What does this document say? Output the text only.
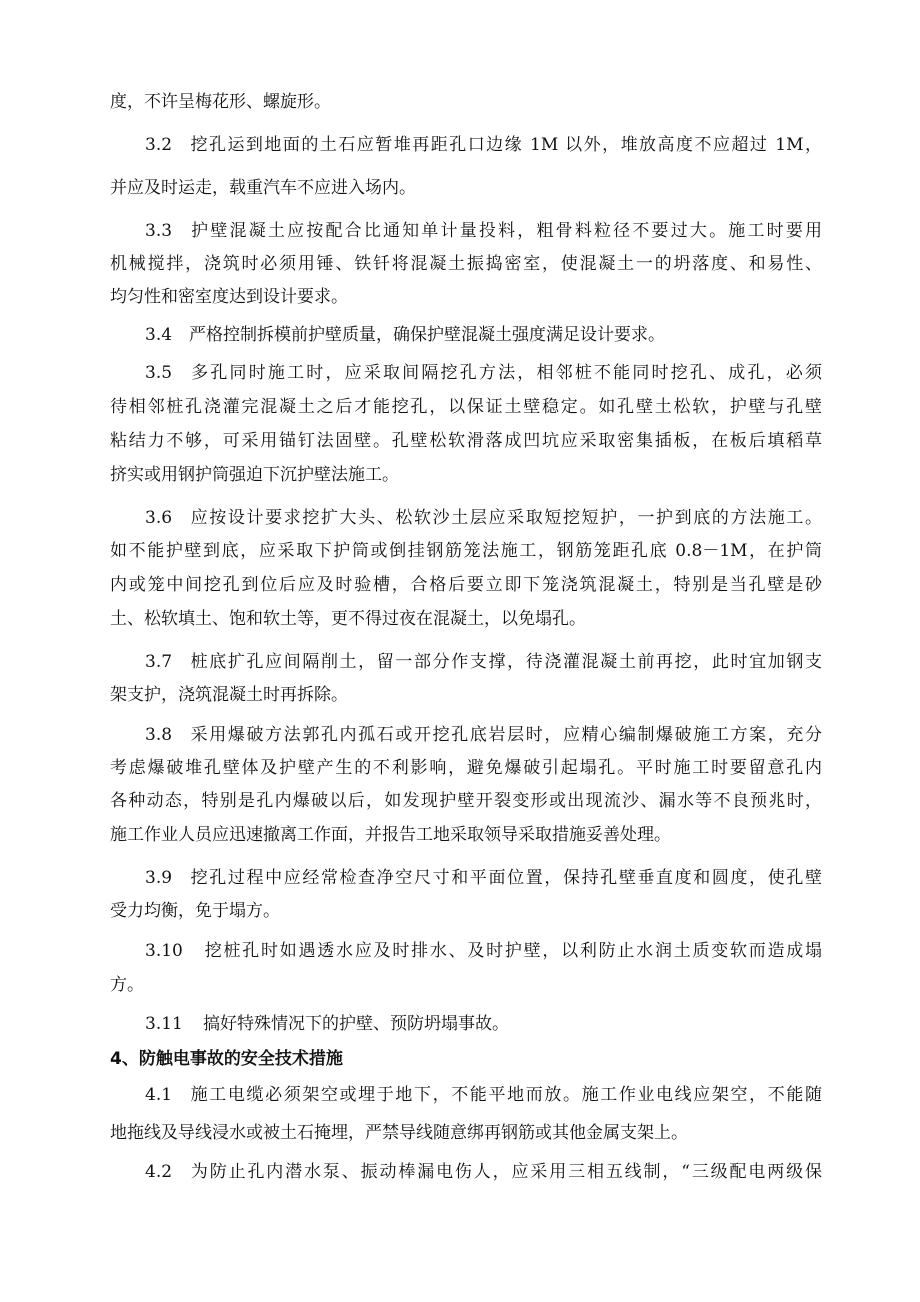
度，不许呈梅花形、螺旋形。
3.2 挖孔运到地面的土石应暂堆再距孔口边缘 1M 以外，堆放高度不应超过 1M，
并应及时运走，载重汽车不应进入场内。
3.3 护壁混凝土应按配合比通知单计量投料，粗骨料粒径不要过大。施工时要用
机械搅拌，浇筑时必须用锤、铁钎将混凝土振捣密室，使混凝土一的坍落度、和易性、
均匀性和密室度达到设计要求。
3.4 严格控制拆模前护壁质量，确保护壁混凝土强度满足设计要求。
3.5 多孔同时施工时，应采取间隔挖孔方法，相邻桩不能同时挖孔、成孔，必须
待相邻桩孔浇灌完混凝土之后才能挖孔，以保证土壁稳定。如孔壁土松软，护壁与孔壁
粘结力不够，可采用锚钉法固壁。孔壁松软滑落成凹坑应采取密集插板，在板后填稻草
挤实或用钢护筒强迫下沉护壁法施工。
3.6 应按设计要求挖扩大头、松软沙土层应采取短挖短护，一护到底的方法施工。
如不能护壁到底，应采取下护筒或倒挂钢筋笼法施工，钢筋笼距孔底 0.8－1M，在护筒
内或笼中间挖孔到位后应及时验槽，合格后要立即下笼浇筑混凝土，特别是当孔壁是砂
土、松软填土、饱和软土等，更不得过夜在混凝土，以免塌孔。
3.7 桩底扩孔应间隔削土，留一部分作支撑，待浇灌混凝土前再挖，此时宜加钢支
架支护，浇筑混凝土时再拆除。
3.8 采用爆破方法郭孔内孤石或开挖孔底岩层时，应精心编制爆破施工方案，充分
考虑爆破堆孔壁体及护壁产生的不利影响，避免爆破引起塌孔。平时施工时要留意孔内
各种动态，特别是孔内爆破以后，如发现护壁开裂变形或出现流沙、漏水等不良预兆时，
施工作业人员应迅速撤离工作面，并报告工地采取领导采取措施妥善处理。
3.9 挖孔过程中应经常检查净空尺寸和平面位置，保持孔壁垂直度和圆度，使孔壁
受力均衡，免于塌方。
3.10 挖桩孔时如遇透水应及时排水、及时护壁，以利防止水润土质变软而造成塌
方。
3.11 搞好特殊情况下的护壁、预防坍塌事故。
4、防触电事故的安全技术措施
4.1 施工电缆必须架空或埋于地下，不能平地而放。施工作业电线应架空，不能随
地拖线及导线浸水或被土石掩埋，严禁导线随意绑再钢筋或其他金属支架上。
4.2 为防止孔内潜水泵、振动棒漏电伤人，应采用三相五线制，“三级配电两级保
